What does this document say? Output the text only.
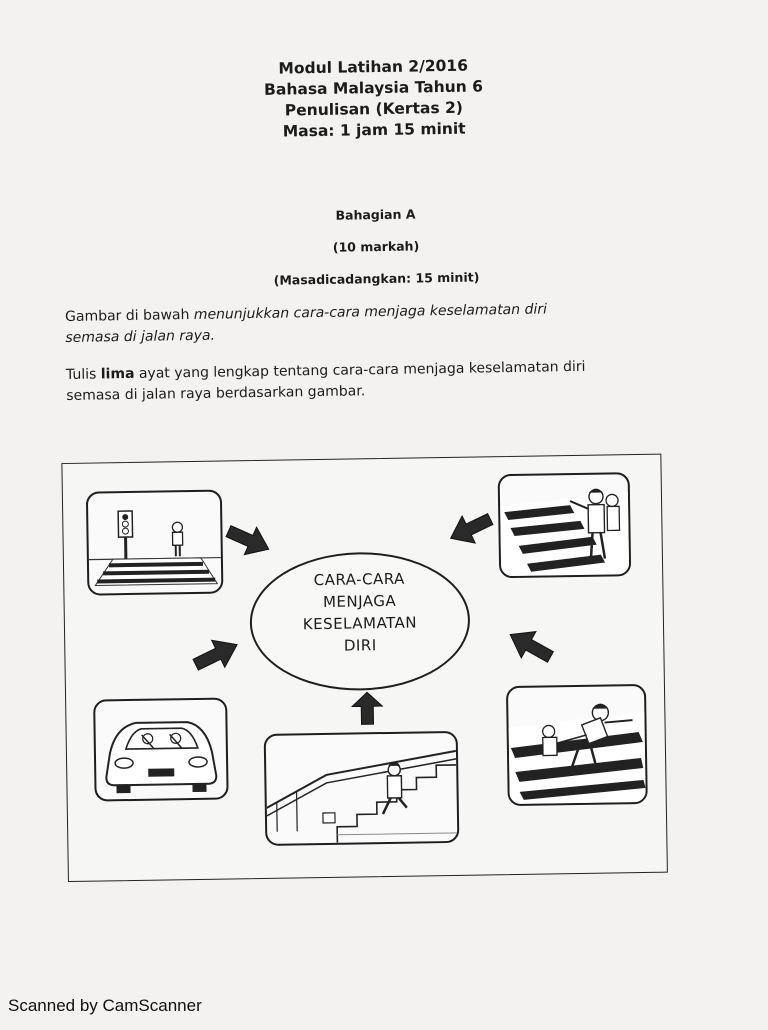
Modul Latihan 2/2016
Bahasa Malaysia Tahun 6
Penulisan (Kertas 2)
Masa: 1 jam 15 minit
Bahagian A
(10 markah)
(Masadicadangkan: 15 minit)
Gambar di bawah menunjukkan cara-cara menjaga keselamatan diri
semasa di jalan raya.
Tulis lima ayat yang lengkap tentang cara-cara menjaga keselamatan diri
semasa di jalan raya berdasarkan gambar.
CARA-CARA
MENJAGA
KESELAMATAN
DIRI
Scanned by CamScanner
